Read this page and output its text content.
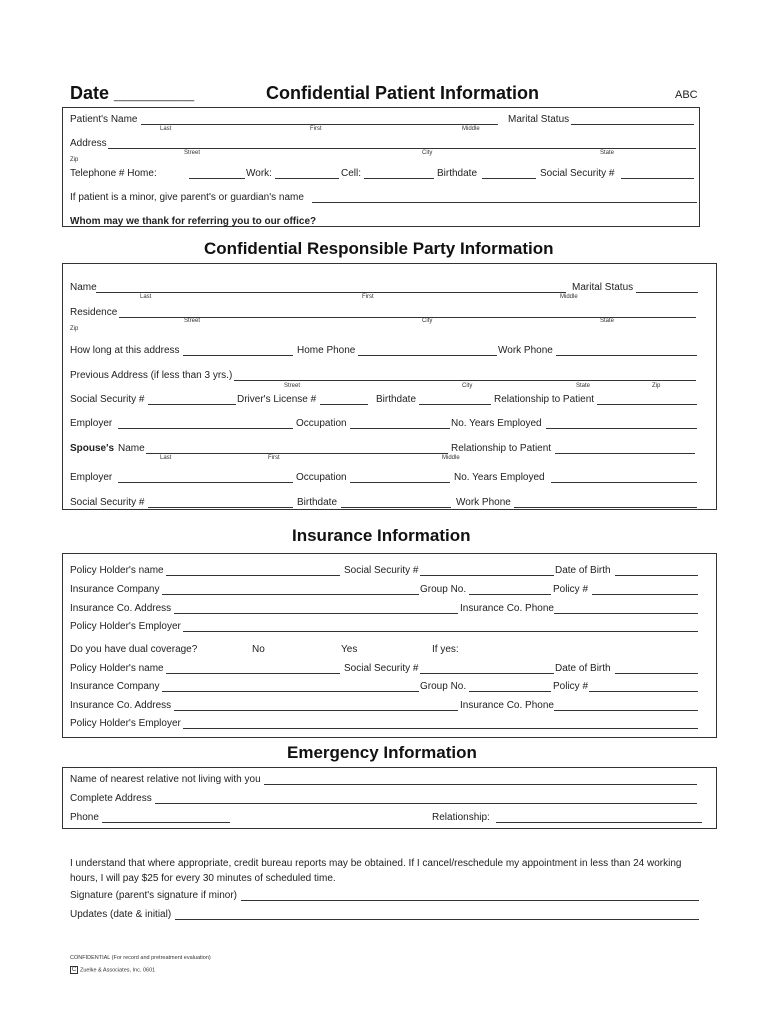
Date ________	Confidential Patient Information	ABC
Patient's Name	Marital Status
Last	First	Middle
Address
Street	City	State
Zip
Telephone # Home:	Work:	Cell:	Birthdate	Social Security #
If patient is a minor, give parent's or guardian's name
Whom may we thank for referring you to our office?
Confidential Responsible Party Information
Name	Marital Status
Last	First	Middle
Residence
Street	City	State
Zip
How long at this address	Home Phone	Work Phone
Previous Address (if less than 3 yrs.)
Street	City	State	Zip
Social Security #	Driver's License #	Birthdate	Relationship to Patient
Employer	Occupation	No. Years Employed
Spouse's Name	Relationship to Patient
Last	First	Middle
Employer	Occupation	No. Years Employed
Social Security #	Birthdate	Work Phone
Insurance Information
Policy Holder's name	Social Security #	Date of Birth
Insurance Company	Group No.	Policy #
Insurance Co. Address	Insurance Co. Phone
Policy Holder's Employer
Do you have dual coverage?	No	Yes	If yes:
Policy Holder's name	Social Security #	Date of Birth
Insurance Company	Group No.	Policy #
Insurance Co. Address	Insurance Co. Phone
Policy Holder's Employer
Emergency Information
Name of nearest relative not living with you
Complete Address
Phone	Relationship:
I understand that where appropriate, credit bureau reports may be obtained. If I cancel/reschedule my appointment in less than 24 working
hours, I will pay $25 for every 30 minutes of scheduled time.
Signature (parent's signature if minor)
Updates (date & initial)
CONFIDENTIAL (For record and pretreatment evaluation)
C Zuelke & Associates, Inc. 0601
